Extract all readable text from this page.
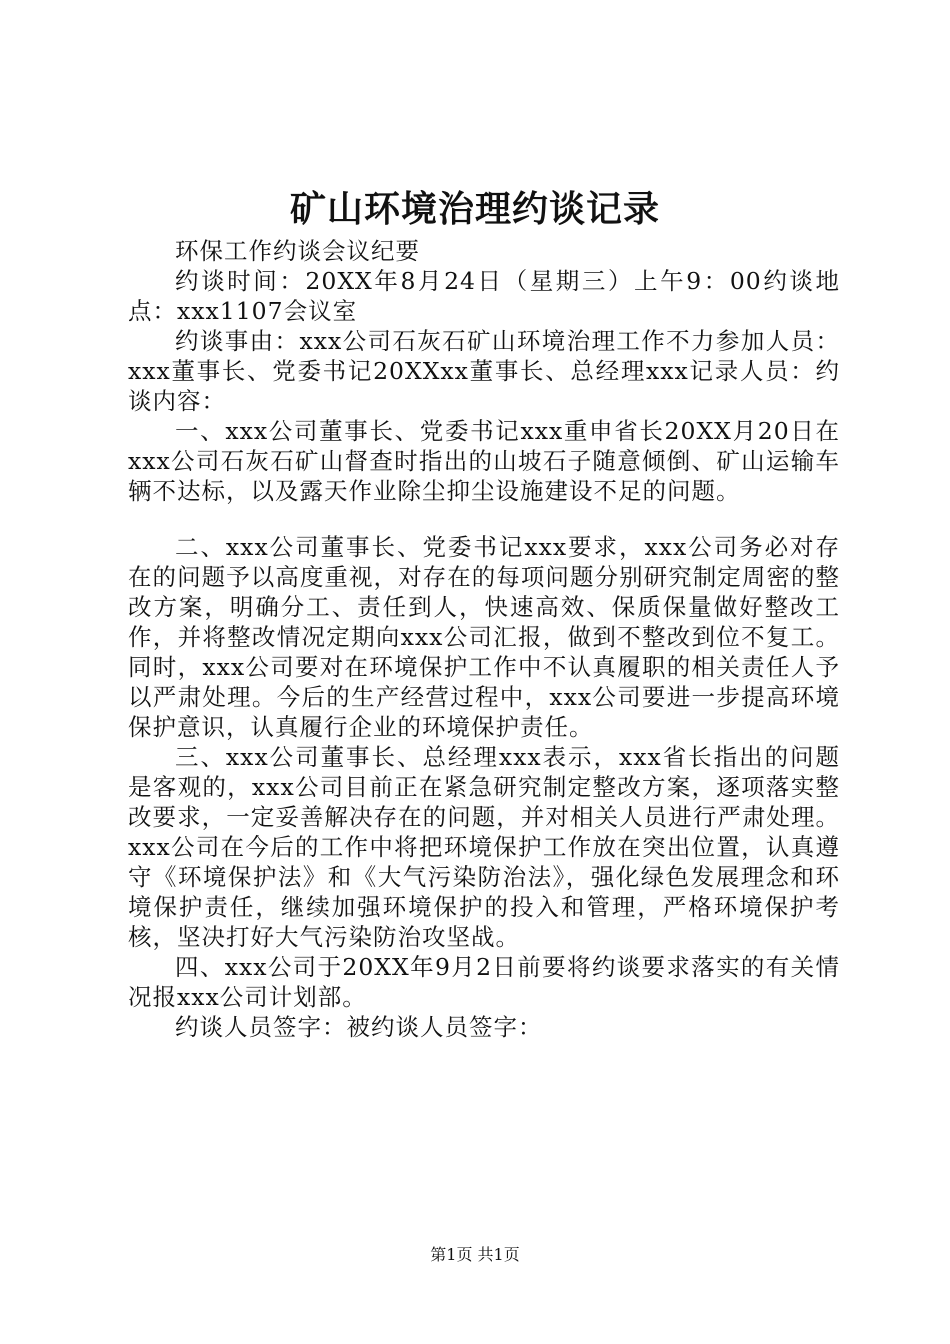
矿山环境治理约谈记录

环保工作约谈会议纪要

约谈时间：20XX年8月24日（星期三）上午9：00约谈地点：xxx1107会议室

约谈事由：xxx公司石灰石矿山环境治理工作不力参加人员：xxx董事长、党委书记20XXxx董事长、总经理xxx记录人员：约谈内容：

一、xxx公司董事长、党委书记xxx重申省长20XX月20日在xxx公司石灰石矿山督查时指出的山坡石子随意倾倒、矿山运输车辆不达标，以及露天作业除尘抑尘设施建设不足的问题。

二、xxx公司董事长、党委书记xxx要求，xxx公司务必对存在的问题予以高度重视，对存在的每项问题分别研究制定周密的整改方案，明确分工、责任到人，快速高效、保质保量做好整改工作，并将整改情况定期向xxx公司汇报，做到不整改到位不复工。同时，xxx公司要对在环境保护工作中不认真履职的相关责任人予以严肃处理。今后的生产经营过程中，xxx公司要进一步提高环境保护意识，认真履行企业的环境保护责任。

三、xxx公司董事长、总经理xxx表示，xxx省长指出的问题是客观的，xxx公司目前正在紧急研究制定整改方案，逐项落实整改要求，一定妥善解决存在的问题，并对相关人员进行严肃处理。xxx公司在今后的工作中将把环境保护工作放在突出位置，认真遵守《环境保护法》和《大气污染防治法》，强化绿色发展理念和环境保护责任，继续加强环境保护的投入和管理，严格环境保护考核，坚决打好大气污染防治攻坚战。

四、xxx公司于20XX年9月2日前要将约谈要求落实的有关情况报xxx公司计划部。

约谈人员签字：被约谈人员签字：

第1页 共1页
